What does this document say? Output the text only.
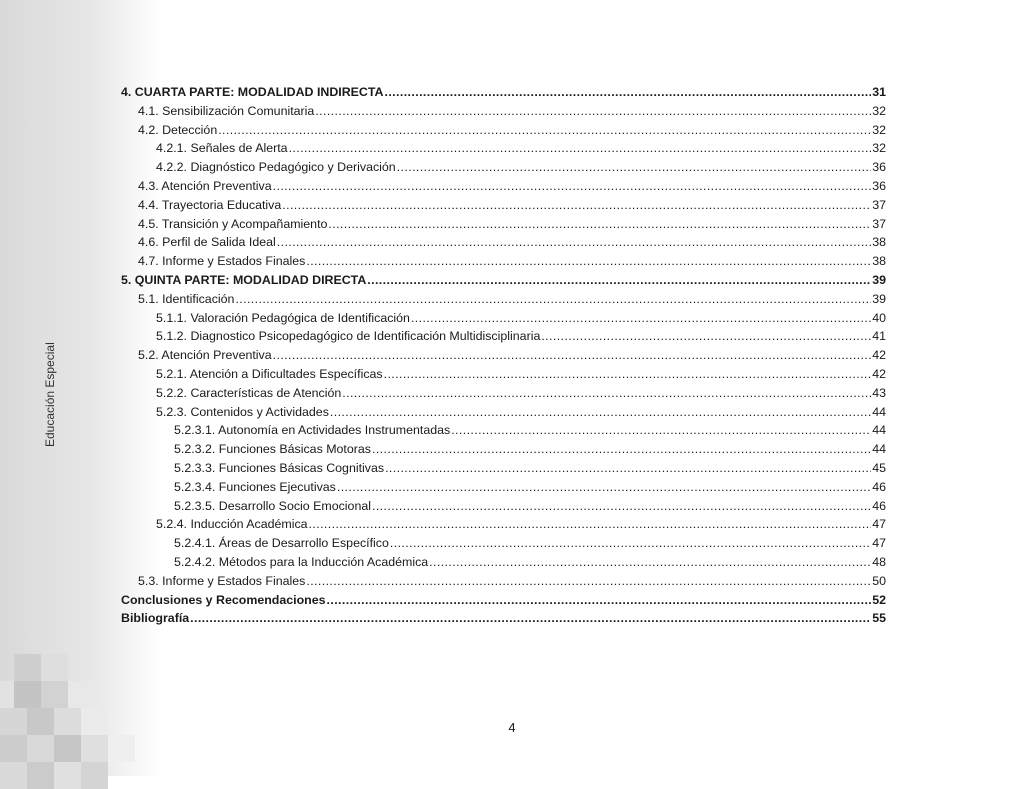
Educación Especial
4. CUARTA PARTE: MODALIDAD INDIRECTA .....	31
4.1. Sensibilización Comunitaria .....	32
4.2. Detección .....	32
4.2.1. Señales de Alerta .....	32
4.2.2. Diagnóstico Pedagógico y Derivación .....	36
4.3. Atención Preventiva .....	36
4.4. Trayectoria Educativa .....	37
4.5. Transición y Acompañamiento .....	37
4.6. Perfil de Salida Ideal .....	38
4.7. Informe y Estados Finales .....	38
5. QUINTA PARTE: MODALIDAD DIRECTA .....	39
5.1. Identificación .....	39
5.1.1. Valoración Pedagógica de Identificación .....	40
5.1.2. Diagnostico Psicopedagógico de Identificación Multidisciplinaria .....	41
5.2. Atención Preventiva .....	42
5.2.1. Atención a Dificultades Específicas .....	42
5.2.2. Características de Atención .....	43
5.2.3. Contenidos y Actividades .....	44
5.2.3.1. Autonomía en Actividades Instrumentadas .....	44
5.2.3.2. Funciones Básicas Motoras .....	44
5.2.3.3. Funciones Básicas Cognitivas .....	45
5.2.3.4. Funciones Ejecutivas .....	46
5.2.3.5. Desarrollo Socio Emocional .....	46
5.2.4. Inducción Académica .....	47
5.2.4.1. Áreas de Desarrollo Específico .....	47
5.2.4.2. Métodos para la Inducción Académica .....	48
5.3. Informe y Estados Finales .....	50
Conclusiones y Recomendaciones .....	52
Bibliografía .....	55
4
